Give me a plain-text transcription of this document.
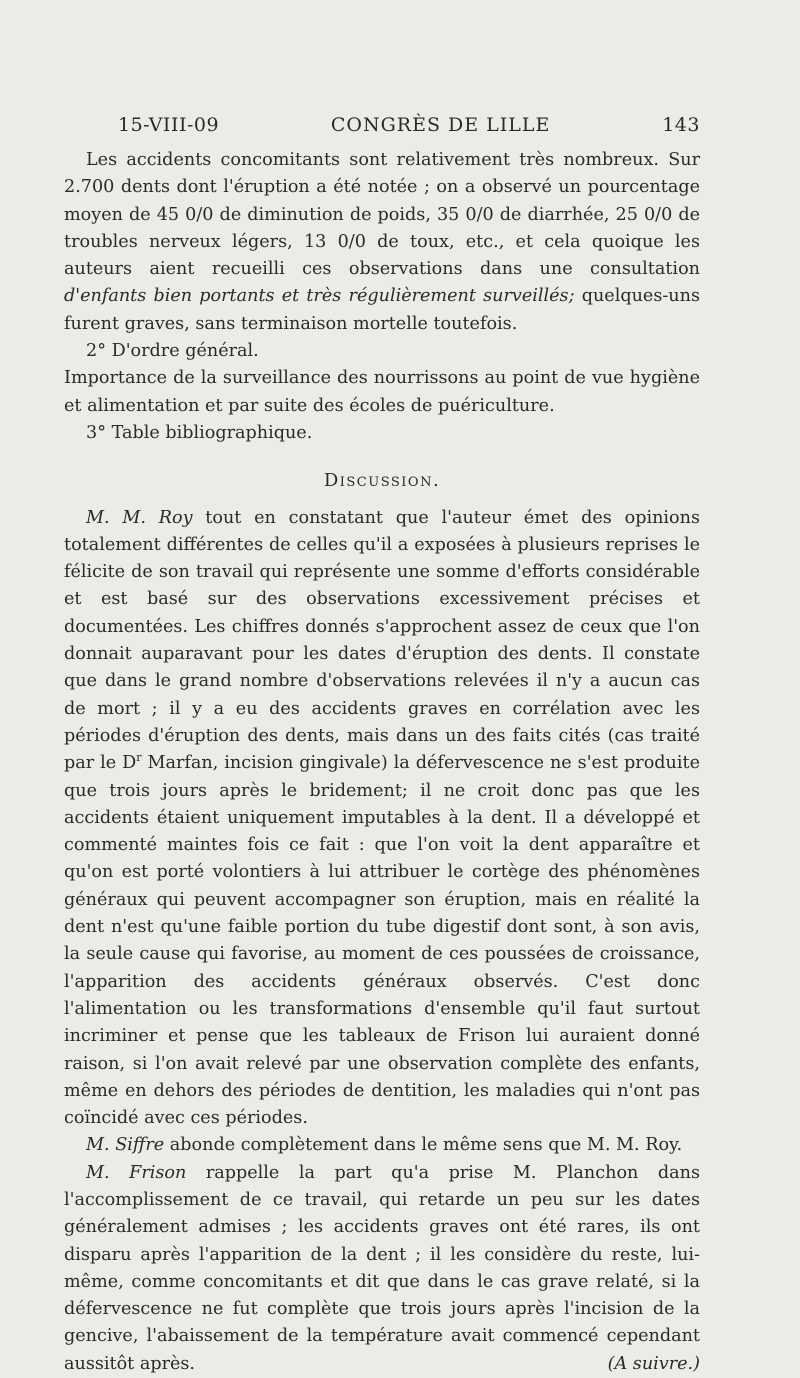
15-VIII-09	CONGRÈS DE LILLE	143

Les accidents concomitants sont relativement très nombreux. Sur 2.700 dents dont l'éruption a été notée ; on a observé un pourcentage moyen de 45 0/0 de diminution de poids, 35 0/0 de diarrhée, 25 0/0 de troubles nerveux légers, 13 0/0 de toux, etc., et cela quoique les auteurs aient recueilli ces observations dans une consultation d'enfants bien portants et très régulièrement surveillés; quelques-uns furent graves, sans terminaison mortelle toutefois.

2° D'ordre général.

Importance de la surveillance des nourrissons au point de vue hygiène et alimentation et par suite des écoles de puériculture.

3° Table bibliographique.

Discussion.

M. M. Roy tout en constatant que l'auteur émet des opinions totalement différentes de celles qu'il a exposées à plusieurs reprises le félicite de son travail qui représente une somme d'efforts considérable et est basé sur des observations excessivement précises et documentées. Les chiffres donnés s'approchent assez de ceux que l'on donnait auparavant pour les dates d'éruption des dents. Il constate que dans le grand nombre d'observations relevées il n'y a aucun cas de mort ; il y a eu des accidents graves en corrélation avec les périodes d'éruption des dents, mais dans un des faits cités (cas traité par le $D^r$ Marfan, incision gingivale) la défervescence ne s'est produite que trois jours après le bridement; il ne croit donc pas que les accidents étaient uniquement imputables à la dent. Il a développé et commenté maintes fois ce fait : que l'on voit la dent apparaître et qu'on est porté volontiers à lui attribuer le cortège des phénomènes généraux qui peuvent accompagner son éruption, mais en réalité la dent n'est qu'une faible portion du tube digestif dont sont, à son avis, la seule cause qui favorise, au moment de ces poussées de croissance, l'apparition des accidents généraux observés. C'est donc l'alimentation ou les transformations d'ensemble qu'il faut surtout incriminer et pense que les tableaux de Frison lui auraient donné raison, si l'on avait relevé par une observation complète des enfants, même en dehors des périodes de dentition, les maladies qui n'ont pas coïncidé avec ces périodes.

M. Siffre abonde complètement dans le même sens que M. M. Roy.

M. Frison rappelle la part qu'a prise M. Planchon dans l'accomplissement de ce travail, qui retarde un peu sur les dates généralement admises ; les accidents graves ont été rares, ils ont disparu après l'apparition de la dent ; il les considère du reste, lui-même, comme concomitants et dit que dans le cas grave relaté, si la défervescence ne fut complète que trois jours après l'incision de la gencive, l'abaissement de la température avait commencé cependant aussitôt après.	(A suivre.)
